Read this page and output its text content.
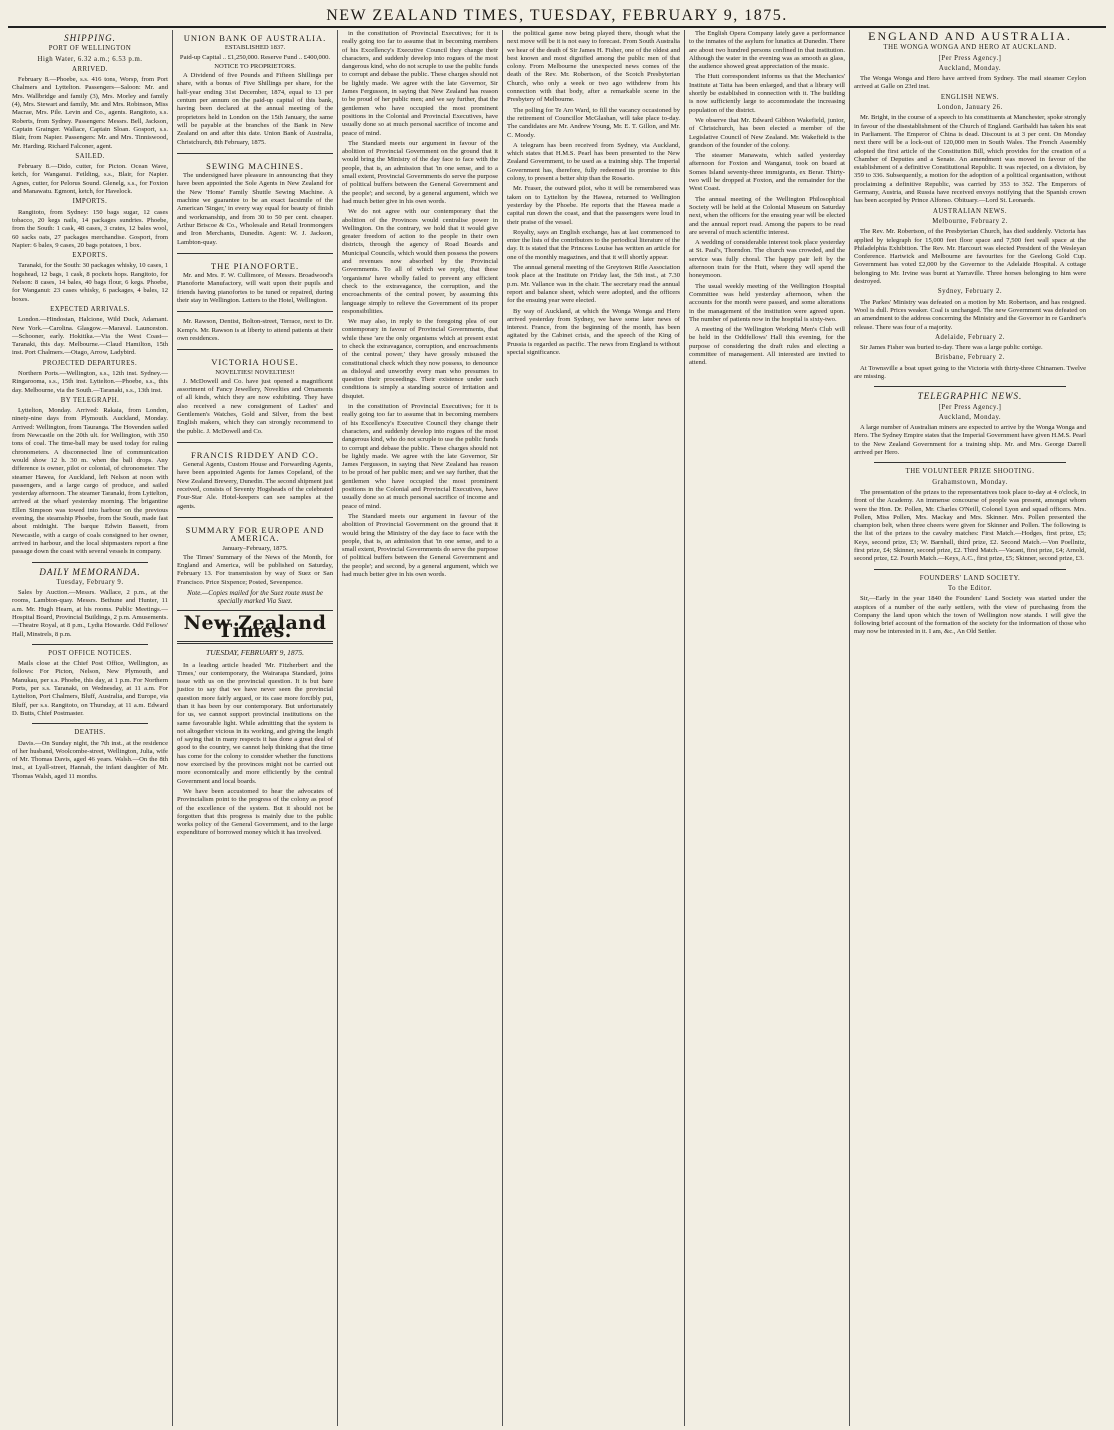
NEW ZEALAND TIMES, TUESDAY, FEBRUARY 9, 1875.
SHIPPING.
PORT OF WELLINGTON
High Water, 6.32 a.m.; 6.53 p.m.
ARRIVED.

February 8.—Phoebe, s.s. 416 tons, Worsp, from Port Chalmers and Lyttelton. Passengers—Saloon: Mr. and Mrs. Wallbridge and family (3), Mrs. Morley and family (4), Mrs. Stewart and family, Mr. and Mrs. Robinson, Miss Macrae, Mrs. Pile. Levin and Co., agents. Rangitoto, s.s. Roberts, from Sydney. Passengers: Messrs. Bell, Jackson, Captain Grainger. Wallace, Captain Sloan. Gosport, s.s. Blair, from Napier. Passengers: Mr. and Mrs. Tinniswood, Mr. Harding. Richard Falconer, agent.

SAILED.

February 8.—Dido, cutter, for Picton. Ocean Wave, ketch, for Wanganui. Feilding, s.s., Blair, for Napier. Agnes, cutter, for Pelorus Sound. Glenelg, s.s., for Foxton and Manawatu. Egmont, ketch, for Havelock.

IMPORTS.

Rangitoto, from Sydney: 150 bags sugar, 12 cases tobacco, 20 kegs nails, 14 packages sundries. Phoebe, from the South: 1 cask, 48 cases, 3 crates, 12 bales wool, 60 sacks oats, 27 packages merchandise. Gosport, from Napier: 6 bales, 9 cases, 20 bags potatoes, 1 box.

EXPORTS.

Taranaki, for the South: 30 packages whisky, 10 cases, 1 hogshead, 12 bags, 1 cask, 8 pockets hops. Rangitoto, for Nelson: 8 cases, 14 bales, 40 bags flour, 6 kegs. Phoebe, for Wanganui: 23 cases whisky, 6 packages, 4 bales, 12 boxes.

EXPECTED ARRIVALS.

London.—Hindostan, Halcione, Wild Duck, Adamant. New York.—Carolina. Glasgow.—Maraval. Launceston.—Schooner, early. Hokitika.—Via the West Coast—Taranaki, this day. Melbourne.—Claud Hamilton, 15th inst. Port Chalmers.—Otago, Arrow, Ladybird.

PROJECTED DEPARTURES.

Northern Ports.—Wellington, s.s., 12th inst. Sydney.—Ringarooma, s.s., 15th inst. Lyttelton.—Phoebe, s.s., this day. Melbourne, via the South.—Taranaki, s.s., 13th inst.

BY TELEGRAPH.

Lyttelton, Monday. Arrived: Rakaia, from London, ninety-nine days from Plymouth. Auckland, Monday. Arrived: Wellington, from Tauranga. The Hovenden sailed from Newcastle on the 20th ult. for Wellington, with 350 tons of coal. The time-ball may be used today for ruling chronometers. A disconnected line of communication would show 12 h. 30 m. when the ball drops. Any difference is owner, pilot or colonial, of chronometer. The steamer Hawea, for Auckland, left Nelson at noon with passengers, and a large cargo of produce, and sailed yesterday afternoon. The steamer Taranaki, from Lyttelton, arrived at the wharf yesterday morning. The brigantine Ellen Simpson was towed into harbour on the previous evening, the steamship Phoebe, from the South, made fast about midnight. The barque Edwin Bassett, from Newcastle, with a cargo of coals consigned to her owner, arrived in harbour, and the local shipmasters report a fine passage down the coast with several vessels in company.

DAILY MEMORANDA.
Tuesday, February 9.

Sales by Auction.—Messrs. Wallace, 2 p.m., at the rooms, Lambton-quay. Messrs. Bethune and Hunter, 11 a.m. Mr. Hugh Hearn, at his rooms. Public Meetings.—Hospital Board, Provincial Buildings, 2 p.m. Amusements.—Theatre Royal, at 8 p.m., Lydia Howarde. Odd Fellows' Hall, Minstrels, 8 p.m.

POST OFFICE NOTICES.

Mails close at the Chief Post Office, Wellington, as follows: For Picton, Nelson, New Plymouth, and Manukau, per s.s. Phoebe, this day, at 1 p.m. For Northern Ports, per s.s. Taranaki, on Wednesday, at 11 a.m. For Lyttelton, Port Chalmers, Bluff, Australia, and Europe, via Bluff, per s.s. Rangitoto, on Thursday, at 11 a.m. Edward D. Butts, Chief Postmaster.

DEATHS.

Davis.—On Sunday night, the 7th inst., at the residence of her husband, Woolcombe-street, Wellington, Julia, wife of Mr. Thomas Davis, aged 46 years. Walsh.—On the 8th inst., at Lyall-street, Hannah, the infant daughter of Mr. Thomas Walsh, aged 11 months.

UNION BANK OF AUSTRALIA.
ESTABLISHED 1837.
Paid-up Capital .. £1,250,000. Reserve Fund .. £400,000.
NOTICE TO PROPRIETORS.

A Dividend of five Pounds and Fifteen Shillings per share, with a bonus of Five Shillings per share, for the half-year ending 31st December, 1874, equal to 13 per centum per annum on the paid-up capital of this bank, having been declared at the annual meeting of the proprietors held in London on the 15th January, the same will be payable at the branches of the Bank in New Zealand on and after this date. Union Bank of Australia, Christchurch, 8th February, 1875.

SEWING MACHINES.

The undersigned have pleasure in announcing that they have been appointed the Sole Agents in New Zealand for the New 'Home' Family Shuttle Sewing Machine. A machine we guarantee to be an exact facsimile of the American 'Singer,' in every way equal for beauty of finish and workmanship, and from 30 to 50 per cent. cheaper. Arthur Briscoe & Co., Wholesale and Retail Ironmongers and Iron Merchants, Dunedin. Agent: W. J. Jackson, Lambton-quay.

THE PIANOFORTE.

Mr. and Mrs. F. W. Cullimore, of Messrs. Broadwood's Pianoforte Manufactory, will wait upon their pupils and friends having pianofortes to be tuned or repaired, during their stay in Wellington. Letters to the Hotel, Wellington.

Mr. Rawson, Dentist, Bolton-street, Terrace, next to Dr. Kemp's. Mr. Rawson is at liberty to attend patients at their own residences.

VICTORIA HOUSE.
NOVELTIES! NOVELTIES!!

J. McDowell and Co. have just opened a magnificent assortment of Fancy Jewellery, Novelties and Ornaments of all kinds, which they are now exhibiting. They have also received a new consignment of Ladies' and Gentlemen's Watches, Gold and Silver, from the best English makers, which they can strongly recommend to the public. J. McDowell and Co.

FRANCIS RIDDEY AND CO.

General Agents, Custom House and Forwarding Agents, have been appointed Agents for James Copeland, of the New Zealand Brewery, Dunedin. The second shipment just received, consists of Seventy Hogsheads of the celebrated Four-Star Ale. Hotel-keepers can see samples at the agents.

SUMMARY FOR EUROPE AND AMERICA.
January–February, 1875.

The Times' Summary of the News of the Month, for England and America, will be published on Saturday, February 13. For transmission by way of Suez or San Francisco. Price Sixpence; Posted, Sevenpence.

Note.—Copies mailed for the Suez route must be specially marked Via Suez.
New Zealand Times.
TUESDAY, FEBRUARY 9, 1875.

In a leading article headed 'Mr. Fitzherbert and the Times,' our contemporary, the Wairarapa Standard, joins issue with us on the provincial question. It is but bare justice to say that we have never seen the provincial question more fairly argued, or its case more forcibly put, than it has been by our contemporary. But unfortunately for us, we cannot support provincial institutions on the same favourable light. While admitting that the system is not altogether vicious in its working, and giving the length of saying that in many respects it has done a great deal of good to the country, we cannot help thinking that the time has come for the colony to consider whether the functions now exercised by the provinces might not be carried out more economically and more efficiently by the central Government and local boards.

We have been accustomed to hear the advocates of Provincialism point to the progress of the colony as proof of the excellence of the system. But it should not be forgotten that this progress is mainly due to the public works policy of the General Government, and to the large expenditure of borrowed money which it has involved.

in the constitution of Provincial Executives; for it is really going too far to assume that in becoming members of his Excellency's Executive Council they change their characters, and suddenly develop into rogues of the most dangerous kind, who do not scruple to use the public funds to corrupt and debase the public. These charges should not be lightly made. We agree with the late Governor, Sir James Fergusson, in saying that New Zealand has reason to be proud of her public men; and we say further, that the gentlemen who have occupied the most prominent positions in the Colonial and Provincial Executives, have usually done so at much personal sacrifice of income and peace of mind.

The Standard meets our argument in favour of the abolition of Provincial Government on the ground that it would bring the Ministry of the day face to face with the people, that is, an admission that 'in one sense, and to a small extent, Provincial Governments do serve the purpose of political buffers between the General Government and the people'; and second, by a general argument, which we had much better give in his own words.

We do not agree with our contemporary that the abolition of the Provinces would centralise power in Wellington. On the contrary, we hold that it would give greater freedom of action to the people in their own districts, through the agency of Road Boards and Municipal Councils, which would then possess the powers and revenues now absorbed by the Provincial Governments. To all of which we reply, that these 'organisms' have wholly failed to prevent any efficient check to the extravagance, the corruption, and the encroachments of the central power, by assuming this language simply to relieve the Government of its proper responsibilities.

We may also, in reply to the foregoing plea of our contemporary in favour of Provincial Governments, that while these 'are the only organisms which at present exist to check the extravagance, corruption, and encroachments of the central power,' they have grossly misused the constitutional check which they now possess, to denounce as disloyal and unworthy every man who presumes to question their proceedings. Their existence under such conditions is simply a standing source of irritation and disquiet.

in the constitution of Provincial Executives; for it is really going too far to assume that in becoming members of his Excellency's Executive Council they change their characters, and suddenly develop into rogues of the most dangerous kind, who do not scruple to use the public funds to corrupt and debase the public. These charges should not be lightly made. We agree with the late Governor, Sir James Fergusson, in saying that New Zealand has reason to be proud of her public men; and we say further, that the gentlemen who have occupied the most prominent positions in the Colonial and Provincial Executives, have usually done so at much personal sacrifice of income and peace of mind.

The Standard meets our argument in favour of the abolition of Provincial Government on the ground that it would bring the Ministry of the day face to face with the people, that is, an admission that 'in one sense, and to a small extent, Provincial Governments do serve the purpose of political buffers between the General Government and the people'; and second, by a general argument, which we had much better give in his own words.

the political game now being played there, though what the next move will be it is not easy to forecast. From South Australia we hear of the death of Sir James H. Fisher, one of the oldest and best known and most dignified among the public men of that colony. From Melbourne the unexpected news comes of the death of the Rev. Mr. Robertson, of the Scotch Presbyterian Church, who only a week or two ago withdrew from his connection with that body, after a remarkable scene in the Presbytery of Melbourne.

The polling for Te Aro Ward, to fill the vacancy occasioned by the retirement of Councillor McGlashan, will take place to-day. The candidates are Mr. Andrew Young, Mr. E. T. Gillon, and Mr. C. Moody.

A telegram has been received from Sydney, via Auckland, which states that H.M.S. Pearl has been presented to the New Zealand Government, to be used as a training ship. The Imperial Government has, therefore, fully redeemed its promise to this colony, to present a better ship than the Rosario.

Mr. Fraser, the outward pilot, who it will be remembered was taken on to Lyttelton by the Hawea, returned to Wellington yesterday by the Phoebe. He reports that the Hawea made a capital run down the coast, and that the passengers were loud in their praise of the vessel.

Royalty, says an English exchange, has at last commenced to enter the lists of the contributors to the periodical literature of the day. It is stated that the Princess Louise has written an article for one of the monthly magazines, and that it will shortly appear.

The annual general meeting of the Greytown Rifle Association took place at the Institute on Friday last, the 5th inst., at 7.30 p.m. Mr. Vallance was in the chair. The secretary read the annual report and balance sheet, which were adopted, and the officers for the ensuing year were elected.

By way of Auckland, at which the Wonga Wonga and Hero arrived yesterday from Sydney, we have some later news of interest. France, from the beginning of the month, has been agitated by the Cabinet crisis, and the speech of the King of Prussia is regarded as pacific. The news from England is without special significance.

The English Opera Company lately gave a performance to the inmates of the asylum for lunatics at Dunedin. There are about two hundred persons confined in that institution. Although the water in the evening was as smooth as glass, the audience showed great appreciation of the music.

The Hutt correspondent informs us that the Mechanics' Institute at Taita has been enlarged, and that a library will shortly be established in connection with it. The building is now sufficiently large to accommodate the increasing population of the district.

We observe that Mr. Edward Gibbon Wakefield, junior, of Christchurch, has been elected a member of the Legislative Council of New Zealand. Mr. Wakefield is the grandson of the founder of the colony.

The steamer Manawatu, which sailed yesterday afternoon for Foxton and Wanganui, took on board at Somes Island seventy-three immigrants, ex Berar. Thirty-two will be dropped at Foxton, and the remainder for the West Coast.

The annual meeting of the Wellington Philosophical Society will be held at the Colonial Museum on Saturday next, when the officers for the ensuing year will be elected and the annual report read. Among the papers to be read are several of much scientific interest.

A wedding of considerable interest took place yesterday at St. Paul's, Thorndon. The church was crowded, and the service was fully choral. The happy pair left by the afternoon train for the Hutt, where they will spend the honeymoon.

The usual weekly meeting of the Wellington Hospital Committee was held yesterday afternoon, when the accounts for the month were passed, and some alterations in the management of the institution were agreed upon. The number of patients now in the hospital is sixty-two.

A meeting of the Wellington Working Men's Club will be held in the Oddfellows' Hall this evening, for the purpose of considering the draft rules and electing a committee of management. All interested are invited to attend.

ENGLAND AND AUSTRALIA.
THE WONGA WONGA AND HERO AT AUCKLAND.
[Per Press Agency.]
Auckland, Monday.

The Wonga Wonga and Hero have arrived from Sydney. The mail steamer Ceylon arrived at Galle on 23rd inst.

ENGLISH NEWS.
London, January 26.

Mr. Bright, in the course of a speech to his constituents at Manchester, spoke strongly in favour of the disestablishment of the Church of England. Garibaldi has taken his seat in Parliament. The Emperor of China is dead. Discount is at 3 per cent. On Monday next there will be a lock-out of 120,000 men in South Wales. The French Assembly adopted the first article of the Constitution Bill, which provides for the creation of a Chamber of Deputies and a Senate. An amendment was moved in favour of the establishment of a definitive Constitutional Republic. It was rejected, on a division, by 359 to 336. Subsequently, a motion for the adoption of a political organisation, without proclaiming a definitive Republic, was carried by 353 to 352. The Emperors of Germany, Austria, and Russia have received envoys notifying that the Spanish crown has been accepted by Prince Alfonso. Obituary.—Lord St. Leonards.

AUSTRALIAN NEWS.
Melbourne, February 2.

The Rev. Mr. Robertson, of the Presbyterian Church, has died suddenly. Victoria has applied by telegraph for 15,000 feet floor space and 7,500 feet wall space at the Philadelphia Exhibition. The Rev. Mr. Harcourt was elected President of the Wesleyan Conference. Hartwick and Melbourne are favourites for the Geelong Gold Cup. Government has voted £2,000 by the Governor to the Adelaide Hospital. A cottage belonging to Mr. Irvine was burnt at Yarraville. Three horses belonging to him were destroyed.

Sydney, February 2.

The Parkes' Ministry was defeated on a motion by Mr. Robertson, and has resigned. Wool is dull. Prices weaker. Coal is unchanged. The new Government was defeated on an amendment to the address concerning the Ministry and the Governor in re Gardiner's release. There was four of a majority.

Adelaide, February 2.

Sir James Fisher was buried to-day. There was a large public cortège.

Brisbane, February 2.

At Townsville a boat upset going to the Victoria with thirty-three Chinamen. Twelve are missing.

TELEGRAPHIC NEWS.
[Per Press Agency.]
Auckland, Monday.

A large number of Australian miners are expected to arrive by the Wonga Wonga and Hero. The Sydney Empire states that the Imperial Government have given H.M.S. Pearl to the New Zealand Government for a training ship. Mr. and Mrs. George Darrell arrived per Hero.

THE VOLUNTEER PRIZE SHOOTING.
Grahamstown, Monday.

The presentation of the prizes to the representatives took place to-day at 4 o'clock, in front of the Academy. An immense concourse of people was present, amongst whom were the Hon. Dr. Pollen, Mr. Charles O'Neill, Colonel Lyon and squad officers. Mrs. Pollen, Miss Pollen, Mrs. Mackay and Mrs. Skinner. Mrs. Pollen presented the champion belt, when three cheers were given for Skinner and Pollen. The following is the list of the prizes to the cavalry matches: First Match.—Hodges, first prize, £5; Keys, second prize, £3; W. Barnhall, third prize, £2. Second Match.—Von Poellnitz, first prize, £4; Skinner, second prize, £2. Third Match.—Vacant, first prize, £4; Arnold, second prize, £2. Fourth Match.—Keys, A.C., first prize, £5; Skinner, second prize, £3.

FOUNDERS' LAND SOCIETY.
To the Editor.

Sir,—Early in the year 1840 the Founders' Land Society was started under the auspices of a number of the early settlers, with the view of purchasing from the Company the land upon which the town of Wellington now stands. I will give the following brief account of the formation of the society for the information of those who may now be interested in it. I am, &c., An Old Settler.
